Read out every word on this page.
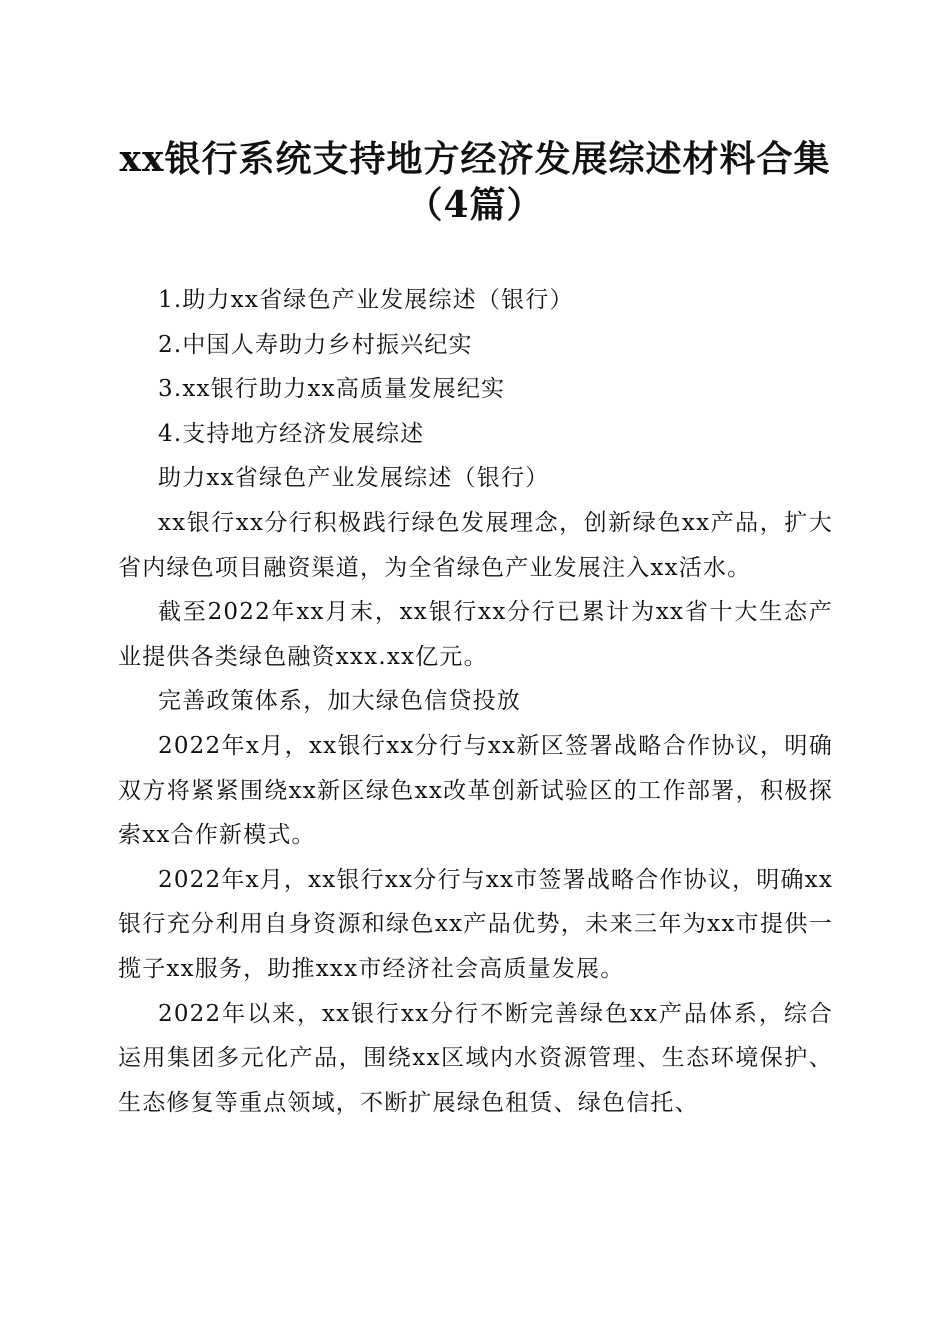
xx银行系统支持地方经济发展综述材料合集
（4篇）

1.助力xx省绿色产业发展综述（银行）

2.中国人寿助力乡村振兴纪实

3.xx银行助力xx高质量发展纪实

4.支持地方经济发展综述

助力xx省绿色产业发展综述（银行）

xx银行xx分行积极践行绿色发展理念，创新绿色xx产品，扩大省内绿色项目融资渠道，为全省绿色产业发展注入xx活水。

截至2022年xx月末，xx银行xx分行已累计为xx省十大生态产业提供各类绿色融资xxx.xx亿元。

完善政策体系，加大绿色信贷投放

2022年x月，xx银行xx分行与xx新区签署战略合作协议，明确双方将紧紧围绕xx新区绿色xx改革创新试验区的工作部署，积极探索xx合作新模式。

2022年x月，xx银行xx分行与xx市签署战略合作协议，明确xx银行充分利用自身资源和绿色xx产品优势，未来三年为xx市提供一揽子xx服务，助推xxx市经济社会高质量发展。

2022年以来，xx银行xx分行不断完善绿色xx产品体系，综合运用集团多元化产品，围绕xx区域内水资源管理、生态环境保护、生态修复等重点领域，不断扩展绿色租赁、绿色信托、
